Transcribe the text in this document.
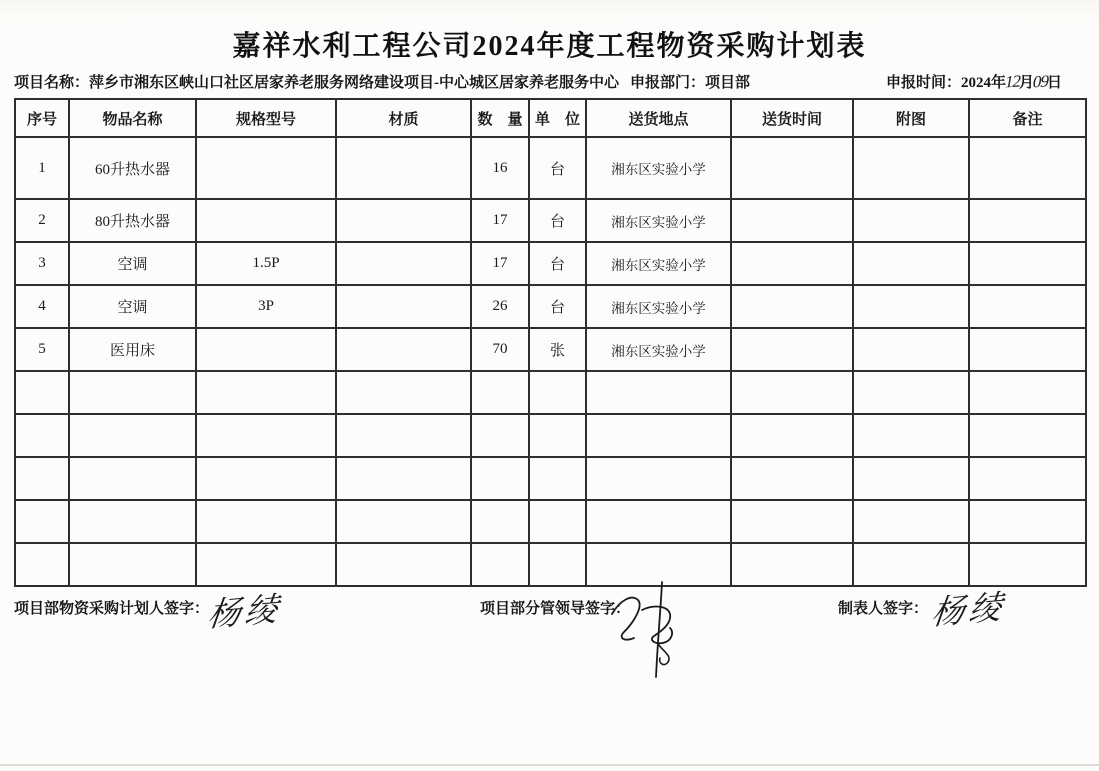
嘉祥水利工程公司2024年度工程物资采购计划表
项目名称：萍乡市湘东区峡山口社区居家养老服务网络建设项目-中心城区居家养老服务中心 申报部门：项目部	申报时间：2024年12月09日
序号	物品名称	规格型号	材质	数　量	单　位	送货地点	送货时间	附图	备注
1	60升热水器			16	台	湘东区实验小学			
2	80升热水器			17	台	湘东区实验小学			
3	空调	1.5P		17	台	湘东区实验小学			
4	空调	3P		26	台	湘东区实验小学			
5	医用床			70	张	湘东区实验小学			

项目部物资采购计划人签字：	项目部分管领导签字：	制表人签字：
杨绫	杨绫
